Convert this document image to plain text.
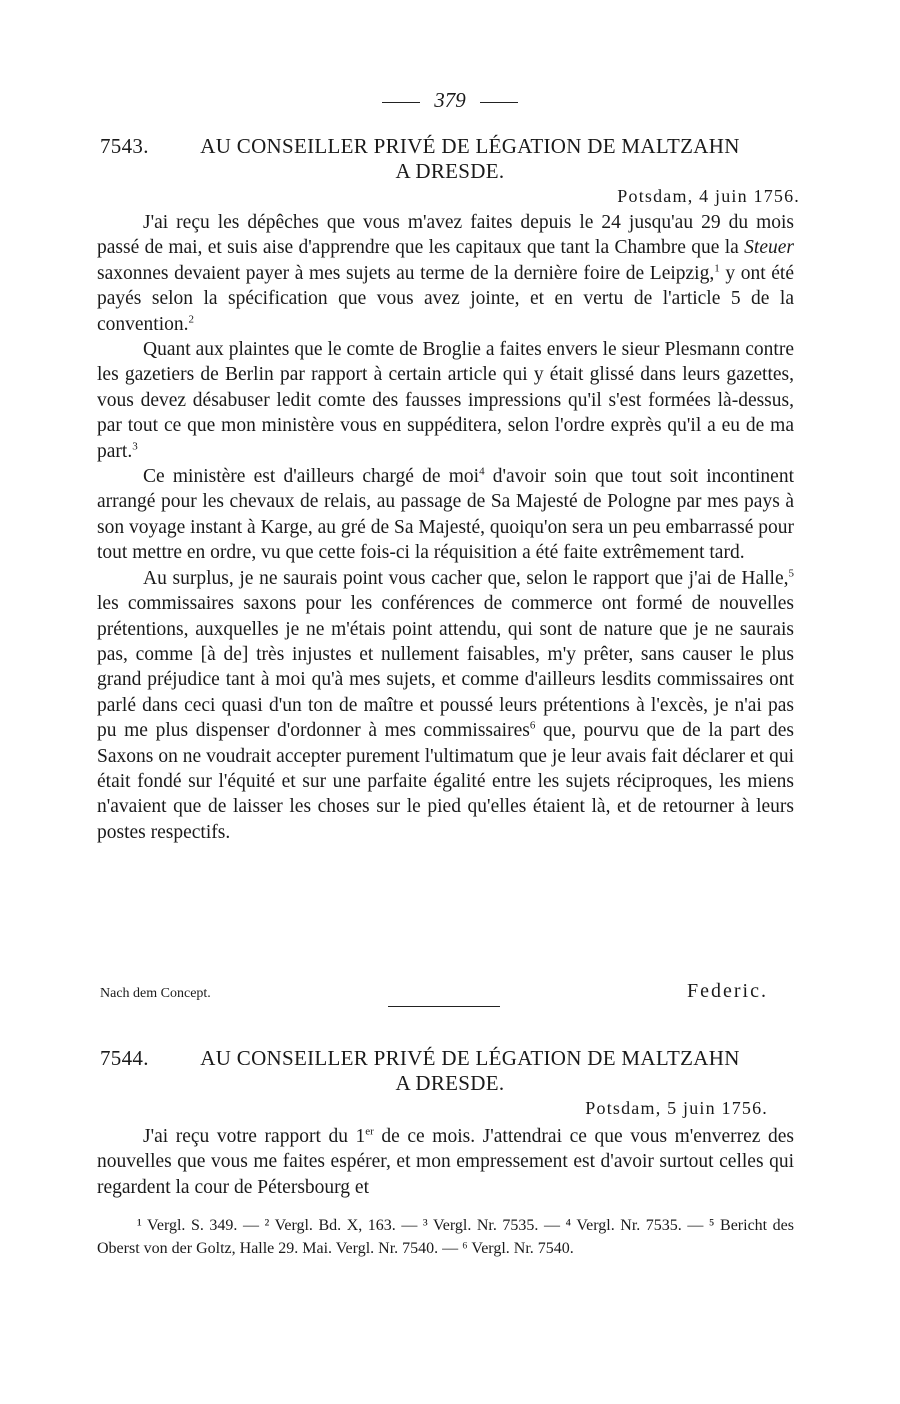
379
7543.	AU CONSEILLER PRIVÉ DE LÉGATION DE MALTZAHN
A DRESDE.
Potsdam, 4 juin 1756.

J'ai reçu les dépêches que vous m'avez faites depuis le 24 jusqu'au 29 du mois passé de mai, et suis aise d'apprendre que les capitaux que tant la Chambre que la Steuer saxonnes devaient payer à mes sujets au terme de la dernière foire de Leipzig,$^1$ y ont été payés selon la spécification que vous avez jointe, et en vertu de l'article 5 de la convention.$^2$

Quant aux plaintes que le comte de Broglie a faites envers le sieur Plesmann contre les gazetiers de Berlin par rapport à certain article qui y était glissé dans leurs gazettes, vous devez désabuser ledit comte des fausses impressions qu'il s'est formées là-dessus, par tout ce que mon ministère vous en suppéditera, selon l'ordre exprès qu'il a eu de ma part.$^3$

Ce ministère est d'ailleurs chargé de moi$^4$ d'avoir soin que tout soit incontinent arrangé pour les chevaux de relais, au passage de Sa Majesté de Pologne par mes pays à son voyage instant à Karge, au gré de Sa Majesté, quoiqu'on sera un peu embarrassé pour tout mettre en ordre, vu que cette fois-ci la réquisition a été faite extrêmement tard.

Au surplus, je ne saurais point vous cacher que, selon le rapport que j'ai de Halle,$^5$ les commissaires saxons pour les conférences de commerce ont formé de nouvelles prétentions, auxquelles je ne m'étais point attendu, qui sont de nature que je ne saurais pas, comme [à de] très injustes et nullement faisables, m'y prêter, sans causer le plus grand préjudice tant à moi qu'à mes sujets, et comme d'ailleurs lesdits commissaires ont parlé dans ceci quasi d'un ton de maître et poussé leurs prétentions à l'excès, je n'ai pas pu me plus dispenser d'ordonner à mes commissaires$^6$ que, pourvu que de la part des Saxons on ne voudrait accepter purement l'ultimatum que je leur avais fait déclarer et qui était fondé sur l'équité et sur une parfaite égalité entre les sujets réciproques, les miens n'avaient que de laisser les choses sur le pied qu'elles étaient là, et de retourner à leurs postes respectifs.

Nach dem Concept.	Federic.
7544.	AU CONSEILLER PRIVÉ DE LÉGATION DE MALTZAHN
A DRESDE.
Potsdam, 5 juin 1756.

J'ai reçu votre rapport du 1er de ce mois. J'attendrai ce que vous m'enverrez des nouvelles que vous me faites espérer, et mon empressement est d'avoir surtout celles qui regardent la cour de Pétersbourg et

¹ Vergl. S. 349. — ² Vergl. Bd. X, 163. — ³ Vergl. Nr. 7535. — ⁴ Vergl. Nr. 7535. — ⁵ Bericht des Oberst von der Goltz, Halle 29. Mai. Vergl. Nr. 7540. — ⁶ Vergl. Nr. 7540.
